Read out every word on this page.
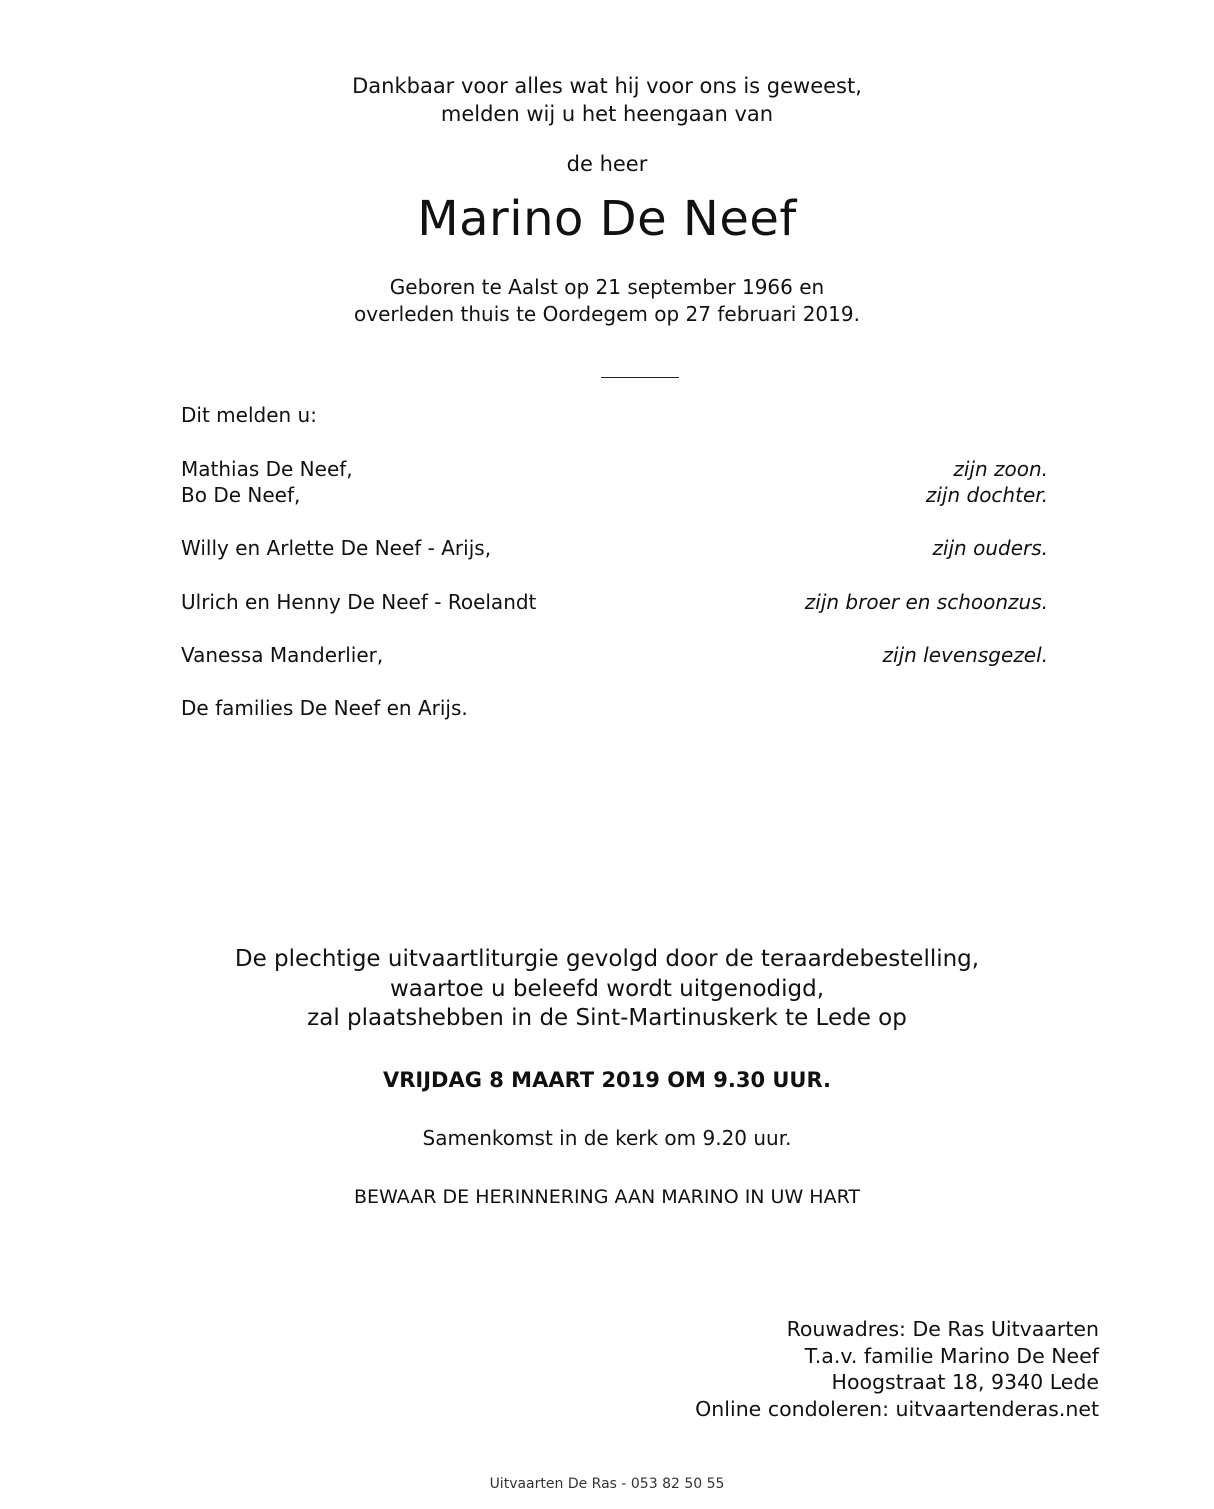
Dankbaar voor alles wat hij voor ons is geweest,
melden wij u het heengaan van
de heer
Marino De Neef
Geboren te Aalst op 21 september 1966 en
overleden thuis te Oordegem op 27 februari 2019.
Dit melden u:
Mathias De Neef,	zijn zoon.
Bo De Neef,	zijn dochter.
Willy en Arlette De Neef - Arijs,	zijn ouders.
Ulrich en Henny De Neef - Roelandt	zijn broer en schoonzus.
Vanessa Manderlier,	zijn levensgezel.
De families De Neef en Arijs.
De plechtige uitvaartliturgie gevolgd door de teraardebestelling,
waartoe u beleefd wordt uitgenodigd,
zal plaatshebben in de Sint-Martinuskerk te Lede op
VRIJDAG 8 MAART 2019 OM 9.30 UUR.
Samenkomst in de kerk om 9.20 uur.
BEWAAR DE HERINNERING AAN MARINO IN UW HART
Rouwadres: De Ras Uitvaarten
T.a.v. familie Marino De Neef
Hoogstraat 18, 9340 Lede
Online condoleren: uitvaartenderas.net
Uitvaarten De Ras - 053 82 50 55
